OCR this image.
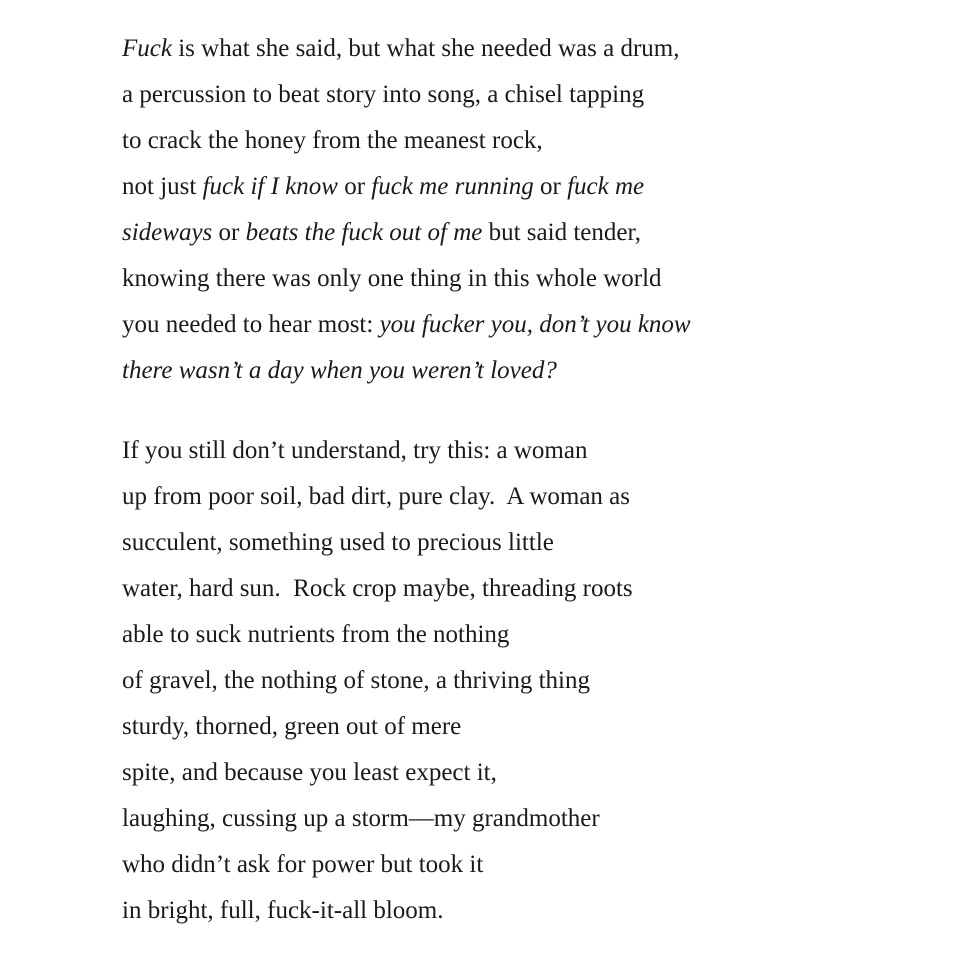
Fuck is what she said, but what she needed was a drum,
a percussion to beat story into song, a chisel tapping
to crack the honey from the meanest rock,
not just fuck if I know or fuck me running or fuck me
sideways or beats the fuck out of me but said tender,
knowing there was only one thing in this whole world
you needed to hear most: you fucker you, don’t you know
there wasn’t a day when you weren’t loved?
If you still don’t understand, try this: a woman
up from poor soil, bad dirt, pure clay.  A woman as
succulent, something used to precious little
water, hard sun.  Rock crop maybe, threading roots
able to suck nutrients from the nothing
of gravel, the nothing of stone, a thriving thing
sturdy, thorned, green out of mere
spite, and because you least expect it,
laughing, cussing up a storm—my grandmother
who didn’t ask for power but took it
in bright, full, fuck-it-all bloom.
